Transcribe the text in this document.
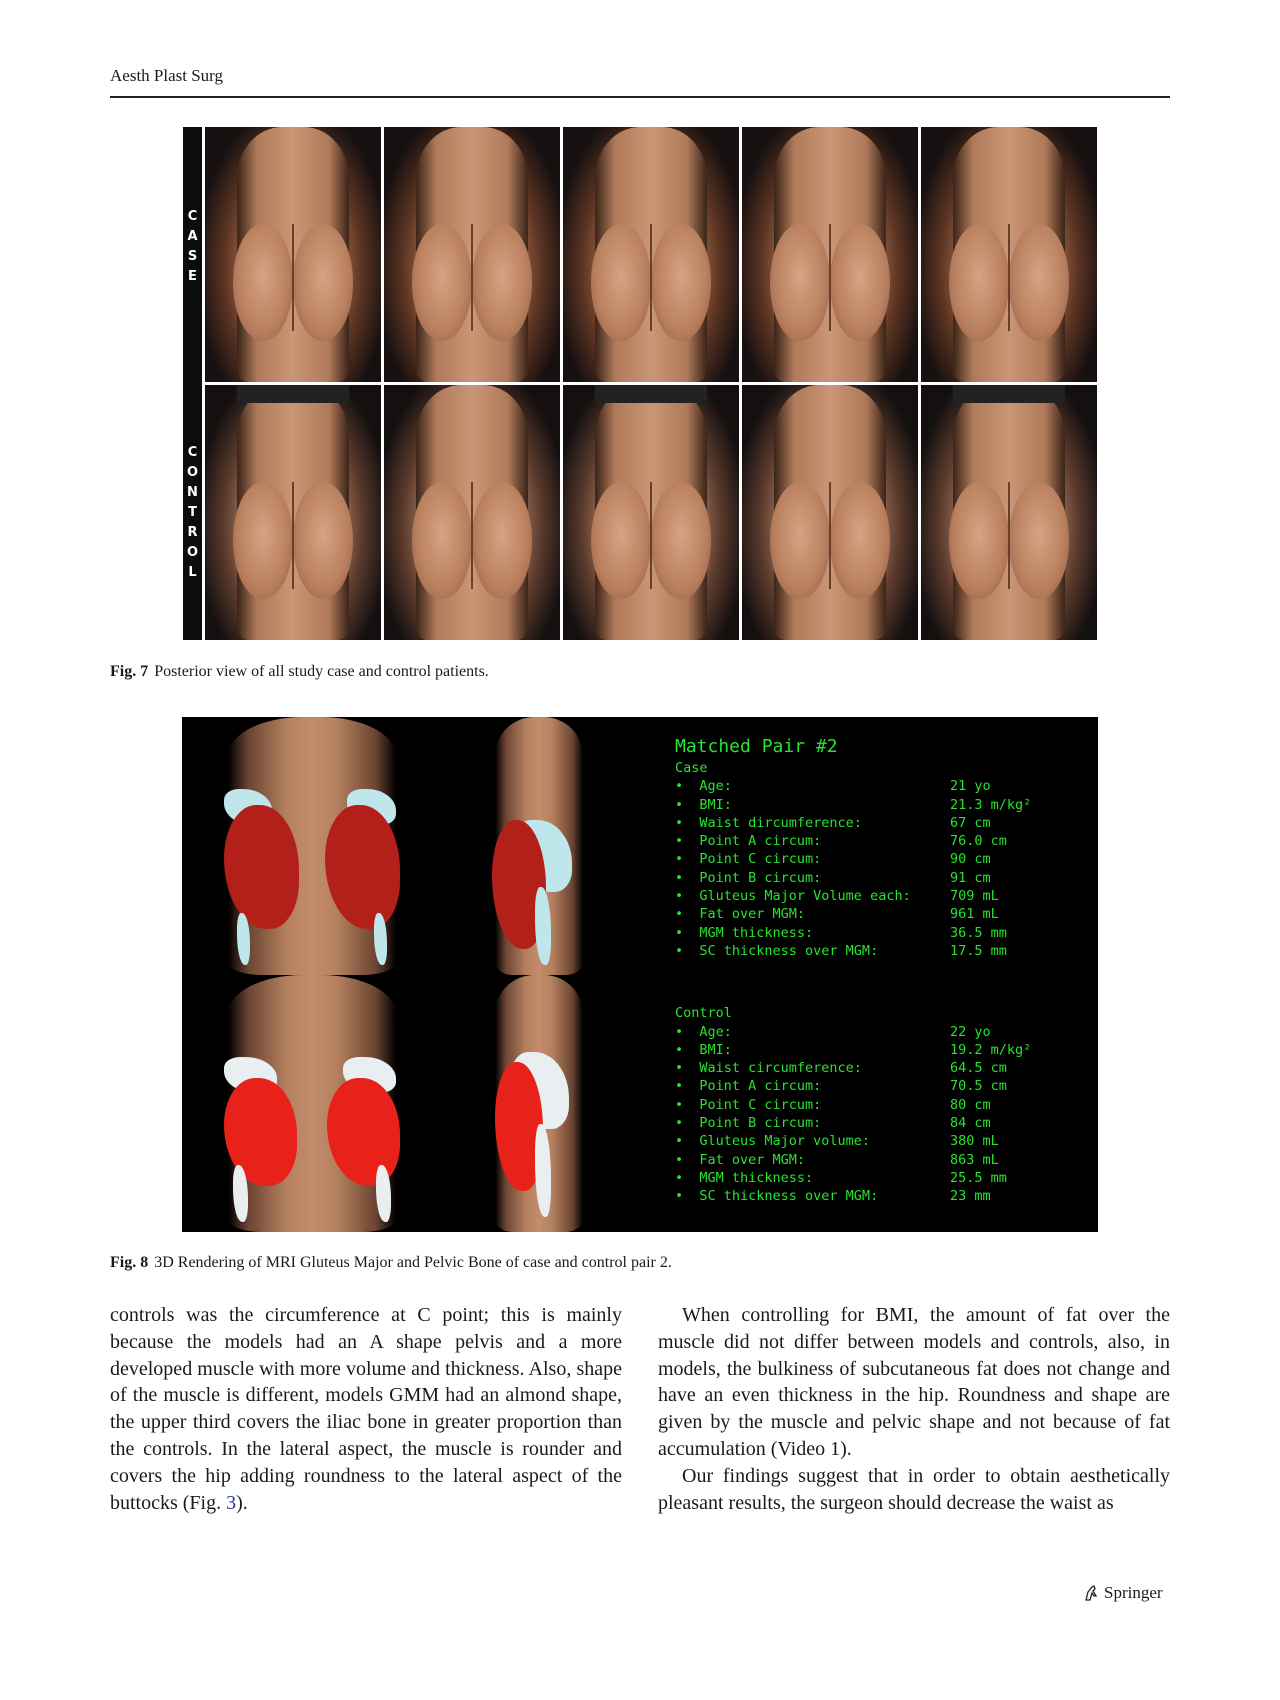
Aesth Plast Surg
C
A
S
E
C
O
N
T
R
O
L
Fig. 7 Posterior view of all study case and control patients.
Matched Pair #2
Case
•  Age:	21 yo
•  BMI:	21.3 m/kg²
•  Waist dircumference:	67 cm
•  Point A circum:	76.0 cm
•  Point C circum:	90 cm
•  Point B circum:	91 cm
•  Gluteus Major Volume each:	709 mL
•  Fat over MGM:	961 mL
•  MGM thickness:	36.5 mm
•  SC thickness over MGM:	17.5 mm
Control
•  Age:	22 yo
•  BMI:	19.2 m/kg²
•  Waist circumference:	64.5 cm
•  Point A circum:	70.5 cm
•  Point C circum:	80 cm
•  Point B circum:	84 cm
•  Gluteus Major volume:	380 mL
•  Fat over MGM:	863 mL
•  MGM thickness:	25.5 mm
•  SC thickness over MGM:	23 mm
Fig. 8 3D Rendering of MRI Gluteus Major and Pelvic Bone of case and control pair 2.

controls was the circumference at C point; this is mainly because the models had an A shape pelvis and a more developed muscle with more volume and thickness. Also, shape of the muscle is different, models GMM had an almond shape, the upper third covers the iliac bone in greater proportion than the controls. In the lateral aspect, the muscle is rounder and covers the hip adding roundness to the lateral aspect of the buttocks (Fig. 3).

When controlling for BMI, the amount of fat over the muscle did not differ between models and controls, also, in models, the bulkiness of subcutaneous fat does not change and have an even thickness in the hip. Roundness and shape are given by the muscle and pelvic shape and not because of fat accumulation (Video 1).

Our findings suggest that in order to obtain aesthetically pleasant results, the surgeon should decrease the waist as

Springer
